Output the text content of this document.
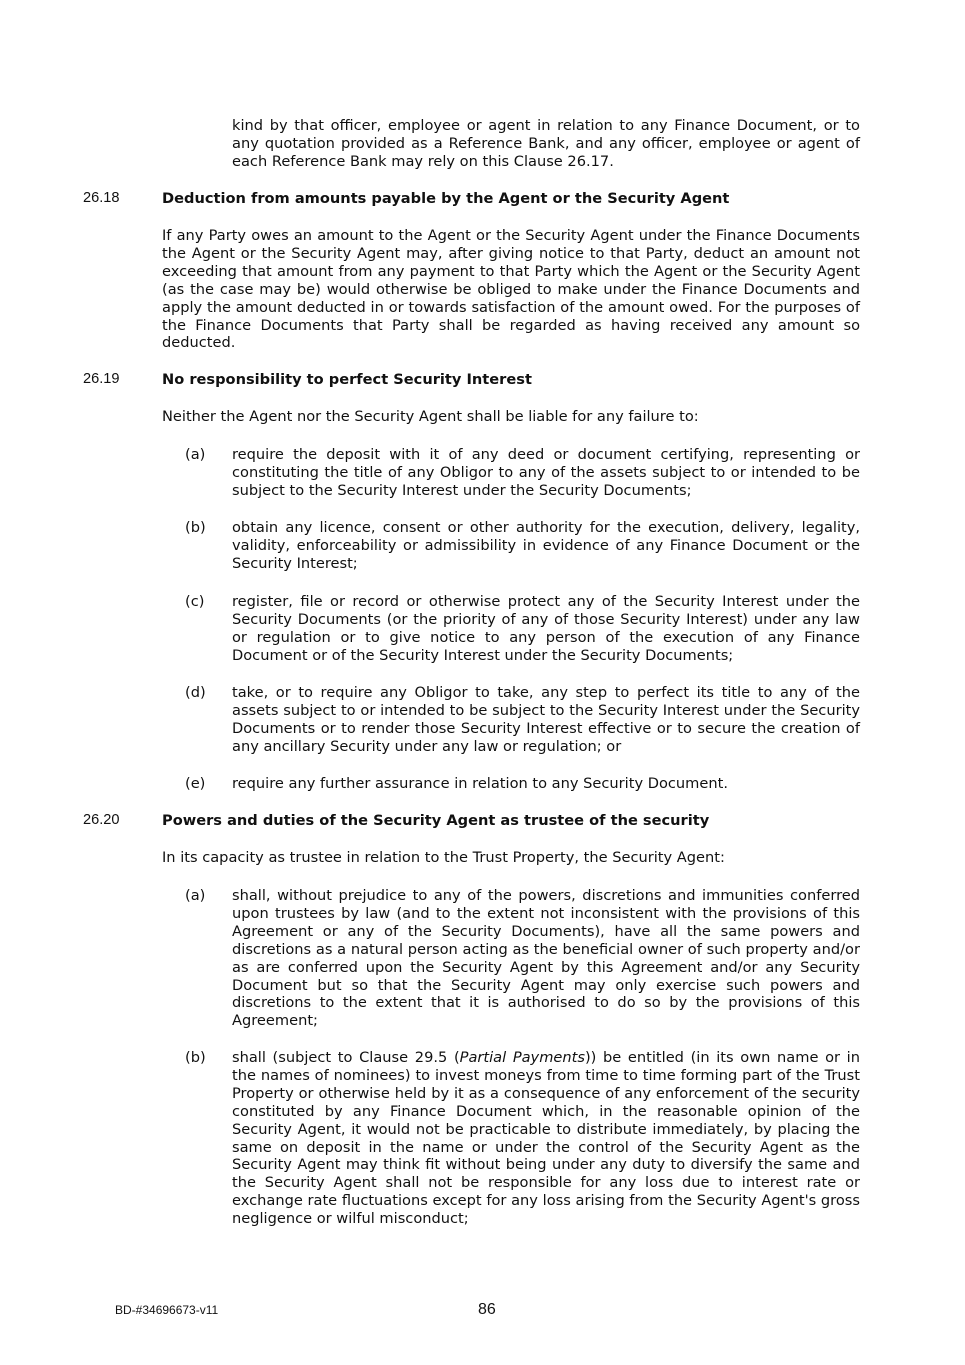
kind by that officer, employee or agent in relation to any Finance Document, or to any quotation provided as a Reference Bank, and any officer, employee or agent of each Reference Bank may rely on this Clause 26.17.
26.18	Deduction from amounts payable by the Agent or the Security Agent
If any Party owes an amount to the Agent or the Security Agent under the Finance Documents the Agent or the Security Agent may, after giving notice to that Party, deduct an amount not exceeding that amount from any payment to that Party which the Agent or the Security Agent (as the case may be) would otherwise be obliged to make under the Finance Documents and apply the amount deducted in or towards satisfaction of the amount owed. For the purposes of the Finance Documents that Party shall be regarded as having received any amount so deducted.
26.19	No responsibility to perfect Security Interest
Neither the Agent nor the Security Agent shall be liable for any failure to:
(a) require the deposit with it of any deed or document certifying, representing or constituting the title of any Obligor to any of the assets subject to or intended to be subject to the Security Interest under the Security Documents;
(b) obtain any licence, consent or other authority for the execution, delivery, legality, validity, enforceability or admissibility in evidence of any Finance Document or the Security Interest;
(c) register, file or record or otherwise protect any of the Security Interest under the Security Documents (or the priority of any of those Security Interest) under any law or regulation or to give notice to any person of the execution of any Finance Document or of the Security Interest under the Security Documents;
(d) take, or to require any Obligor to take, any step to perfect its title to any of the assets subject to or intended to be subject to the Security Interest under the Security Documents or to render those Security Interest effective or to secure the creation of any ancillary Security under any law or regulation; or
(e) require any further assurance in relation to any Security Document.
26.20	Powers and duties of the Security Agent as trustee of the security
In its capacity as trustee in relation to the Trust Property, the Security Agent:
(a) shall, without prejudice to any of the powers, discretions and immunities conferred upon trustees by law (and to the extent not inconsistent with the provisions of this Agreement or any of the Security Documents), have all the same powers and discretions as a natural person acting as the beneficial owner of such property and/or as are conferred upon the Security Agent by this Agreement and/or any Security Document but so that the Security Agent may only exercise such powers and discretions to the extent that it is authorised to do so by the provisions of this Agreement;
(b) shall (subject to Clause 29.5 (Partial Payments)) be entitled (in its own name or in the names of nominees) to invest moneys from time to time forming part of the Trust Property or otherwise held by it as a consequence of any enforcement of the security constituted by any Finance Document which, in the reasonable opinion of the Security Agent, it would not be practicable to distribute immediately, by placing the same on deposit in the name or under the control of the Security Agent as the Security Agent may think fit without being under any duty to diversify the same and the Security Agent shall not be responsible for any loss due to interest rate or exchange rate fluctuations except for any loss arising from the Security Agent's gross negligence or wilful misconduct;
BD-#34696673-v11	86
